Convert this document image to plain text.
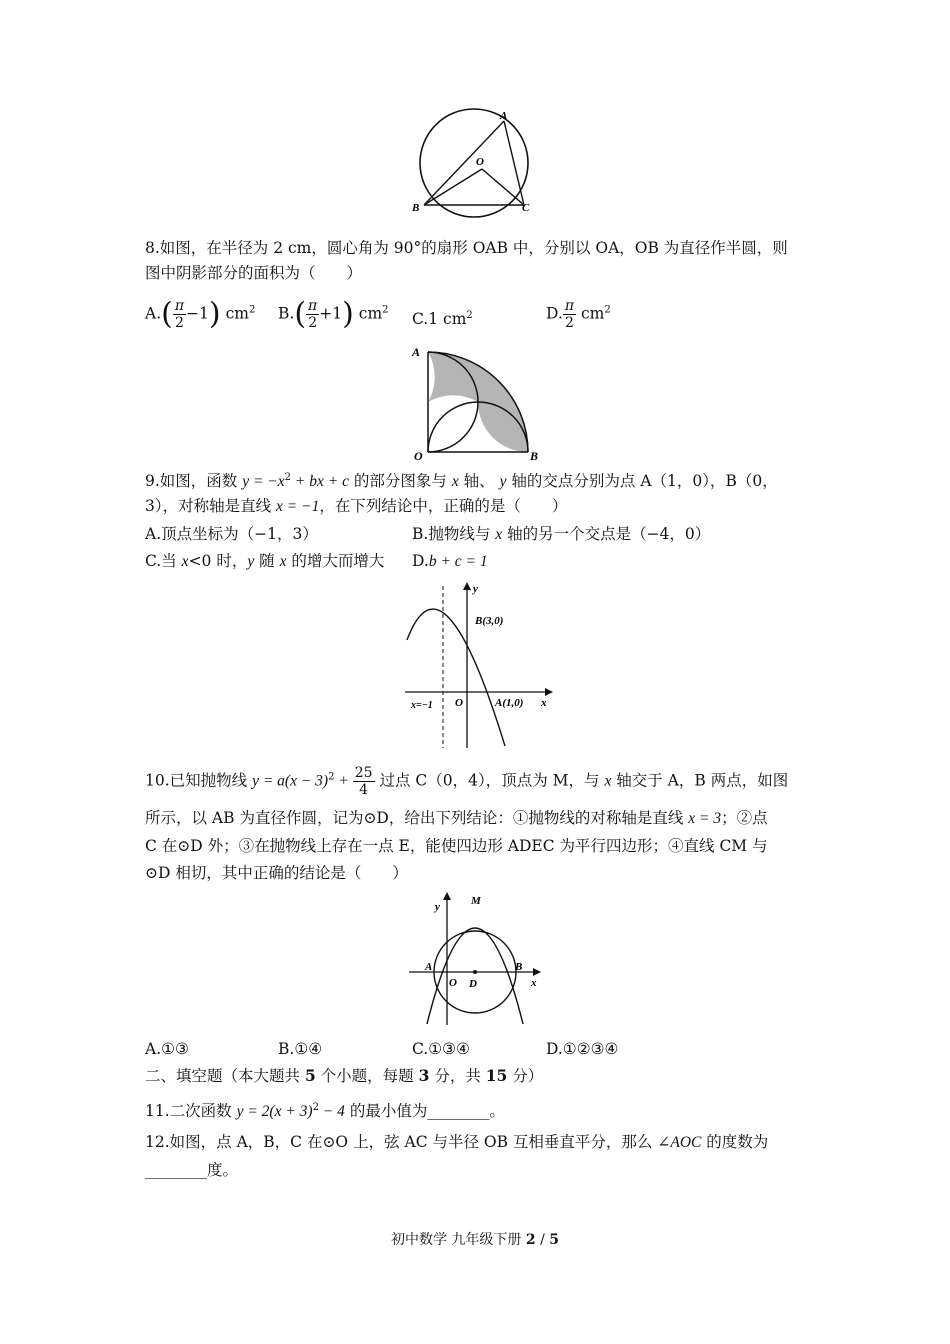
A
O
B	C
8.如图，在半径为 2 cm，圆心角为 90°的扇形 OAB 中，分别以 OA，OB 为直径作半圆，则
图中阴影部分的面积为（　　）
$A.( \frac{\pi}{2} -1)$ $cm^2$ $B.( \frac{\pi}{2} +1)$ $cm^2$
C.1 $cm^2$	D. $\frac{\pi}{2} cm^2$
A
O	B
9.如图，函数 $y = -x^2$ + bx + c 的部分图象与 x 轴、 y 轴的交点分别为点 A（1，0），B（0，
3），对称轴是直线 x = −1，在下列结论中，正确的是（　　）
A.顶点坐标为（−1，3）	B.抛物线与 x 轴的另一个交点是（−4，0）
C.当 x<0 时，y 随 x 的增大而增大 D.b + c = 1
y
B(3,0)
x
x=−1 O	A(1,0)
10.已知抛物线 $y = a(x - 3)^2 + \frac{25}{4}$ 过点 C（0，4），顶点为 M，与 x 轴交于 A，B 两点，如图
所示，以 AB 为直径作圆，记为⊙D，给出下列结论：①抛物线的对称轴是直线 x = 3；②点
C 在⊙D 外；③在抛物线上存在一点 E，能使四边形 ADEC 为平行四边形；④直线 CM 与
⊙D 相切，其中正确的结论是（　　）
y	M
A
O D
B
x
A.①③	B.①④	C.①③④	D.①②③④
二、填空题（本大题共 5 个小题，每题 3 分，共 15 分）
11.二次函数 $y = 2(x + 3)^2 - 4$ 的最小值为________。
12.如图，点 A，B，C 在⊙O 上，弦 AC 与半径 OB 互相垂直平分，那么 ∠AOC 的度数为
________度。
初中数学 九年级下册 2 / 5
